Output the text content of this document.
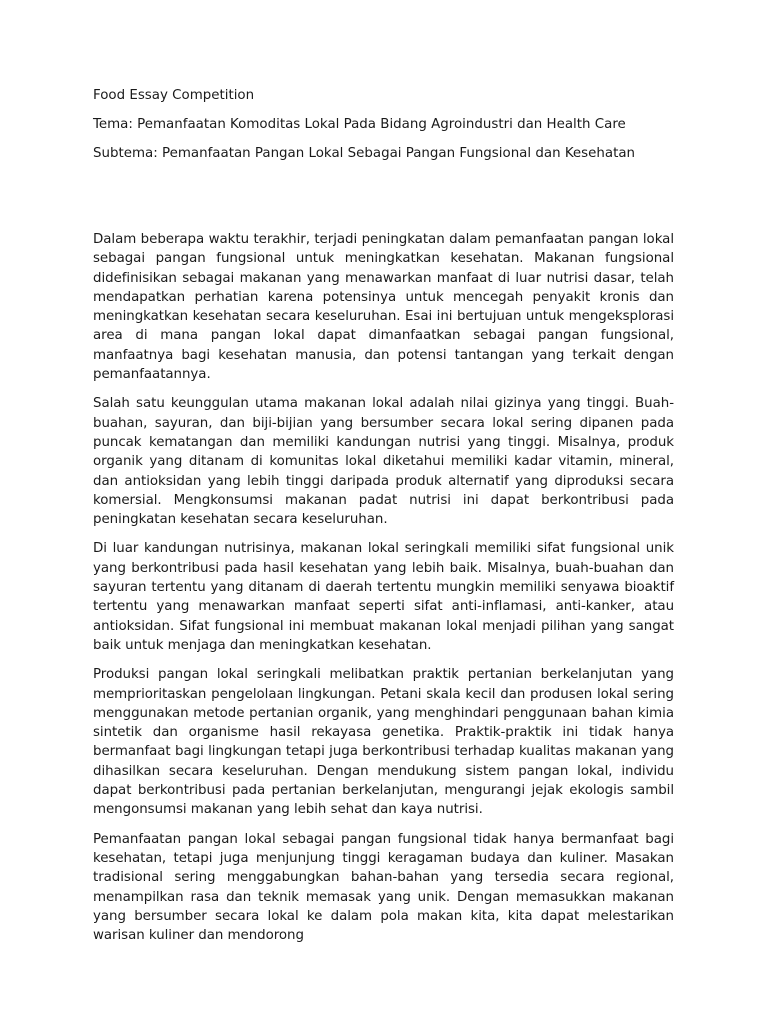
Food Essay Competition

Tema: Pemanfaatan Komoditas Lokal Pada Bidang Agroindustri dan Health Care

Subtema: Pemanfaatan Pangan Lokal Sebagai Pangan Fungsional dan Kesehatan

Dalam beberapa waktu terakhir, terjadi peningkatan dalam pemanfaatan pangan lokal sebagai pangan fungsional untuk meningkatkan kesehatan. Makanan fungsional didefinisikan sebagai makanan yang menawarkan manfaat di luar nutrisi dasar, telah mendapatkan perhatian karena potensinya untuk mencegah penyakit kronis dan meningkatkan kesehatan secara keseluruhan. Esai ini bertujuan untuk mengeksplorasi area di mana pangan lokal dapat dimanfaatkan sebagai pangan fungsional, manfaatnya bagi kesehatan manusia, dan potensi tantangan yang terkait dengan pemanfaatannya.

Salah satu keunggulan utama makanan lokal adalah nilai gizinya yang tinggi. Buah-buahan, sayuran, dan biji-bijian yang bersumber secara lokal sering dipanen pada puncak kematangan dan memiliki kandungan nutrisi yang tinggi. Misalnya, produk organik yang ditanam di komunitas lokal diketahui memiliki kadar vitamin, mineral, dan antioksidan yang lebih tinggi daripada produk alternatif yang diproduksi secara komersial. Mengkonsumsi makanan padat nutrisi ini dapat berkontribusi pada peningkatan kesehatan secara keseluruhan.

Di luar kandungan nutrisinya, makanan lokal seringkali memiliki sifat fungsional unik yang berkontribusi pada hasil kesehatan yang lebih baik. Misalnya, buah-buahan dan sayuran tertentu yang ditanam di daerah tertentu mungkin memiliki senyawa bioaktif tertentu yang menawarkan manfaat seperti sifat anti-inflamasi, anti-kanker, atau antioksidan. Sifat fungsional ini membuat makanan lokal menjadi pilihan yang sangat baik untuk menjaga dan meningkatkan kesehatan.

Produksi pangan lokal seringkali melibatkan praktik pertanian berkelanjutan yang memprioritaskan pengelolaan lingkungan. Petani skala kecil dan produsen lokal sering menggunakan metode pertanian organik, yang menghindari penggunaan bahan kimia sintetik dan organisme hasil rekayasa genetika. Praktik-praktik ini tidak hanya bermanfaat bagi lingkungan tetapi juga berkontribusi terhadap kualitas makanan yang dihasilkan secara keseluruhan. Dengan mendukung sistem pangan lokal, individu dapat berkontribusi pada pertanian berkelanjutan, mengurangi jejak ekologis sambil mengonsumsi makanan yang lebih sehat dan kaya nutrisi.

Pemanfaatan pangan lokal sebagai pangan fungsional tidak hanya bermanfaat bagi kesehatan, tetapi juga menjunjung tinggi keragaman budaya dan kuliner. Masakan tradisional sering menggabungkan bahan-bahan yang tersedia secara regional, menampilkan rasa dan teknik memasak yang unik. Dengan memasukkan makanan yang bersumber secara lokal ke dalam pola makan kita, kita dapat melestarikan warisan kuliner dan mendorong
